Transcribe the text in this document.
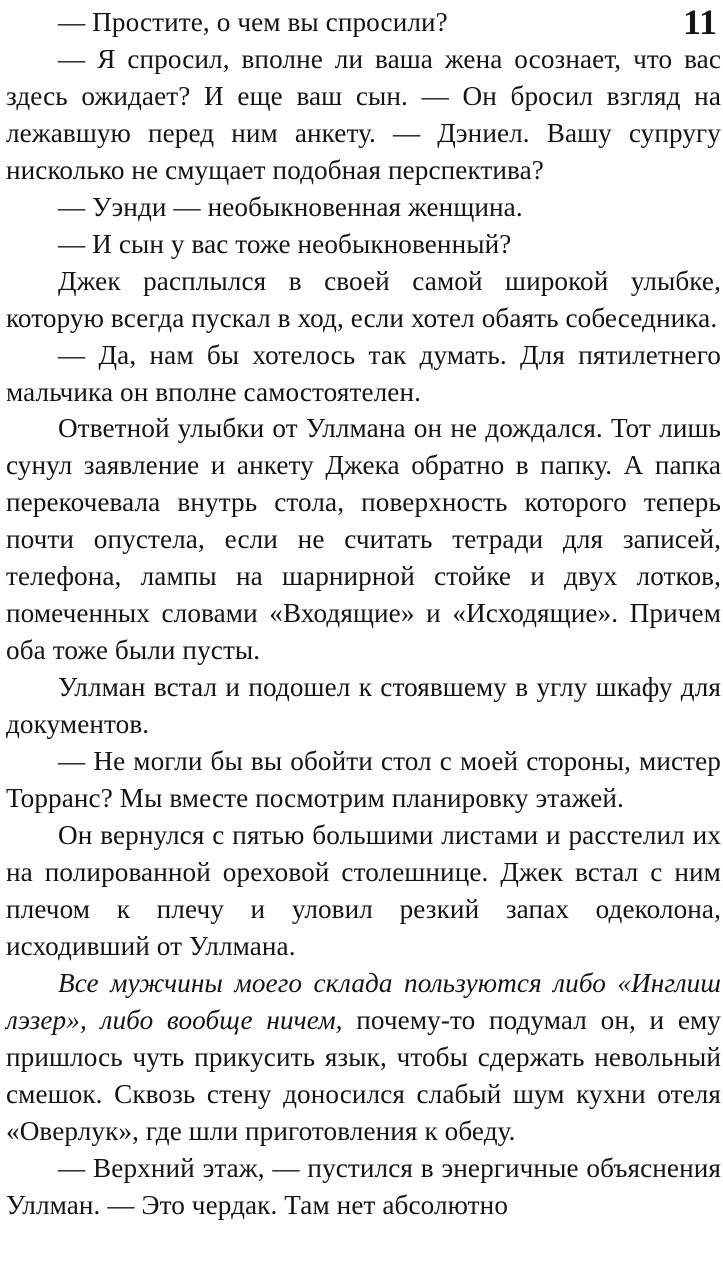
11

— Простите, о чем вы спросили?

— Я спросил, вполне ли ваша жена осознает, что вас здесь ожидает? И еще ваш сын. — Он бросил взгляд на лежавшую перед ним анкету. — Дэниел. Вашу супругу нисколько не смущает подобная перспектива?

— Уэнди — необыкновенная женщина.

— И сын у вас тоже необыкновенный?

Джек расплылся в своей самой широкой улыбке, которую всегда пускал в ход, если хотел обаять собеседника.

— Да, нам бы хотелось так думать. Для пятилетнего мальчика он вполне самостоятелен.

Ответной улыбки от Уллмана он не дождался. Тот лишь сунул заявление и анкету Джека обратно в папку. А папка перекочевала внутрь стола, поверхность которого теперь почти опустела, если не считать тетради для записей, телефона, лампы на шарнирной стойке и двух лотков, помеченных словами «Входящие» и «Исходящие». Причем оба тоже были пусты.

Уллман встал и подошел к стоявшему в углу шкафу для документов.

— Не могли бы вы обойти стол с моей стороны, мистер Торранс? Мы вместе посмотрим планировку этажей.

Он вернулся с пятью большими листами и расстелил их на полированной ореховой столешнице. Джек встал с ним плечом к плечу и уловил резкий запах одеколона, исходивший от Уллмана.

Все мужчины моего склада пользуются либо «Инглиш лэзер», либо вообще ничем, почему-то подумал он, и ему пришлось чуть прикусить язык, чтобы сдержать невольный смешок. Сквозь стену доносился слабый шум кухни отеля «Оверлук», где шли приготовления к обеду.

— Верхний этаж, — пустился в энергичные объяснения Уллман. — Это чердак. Там нет абсолютно
